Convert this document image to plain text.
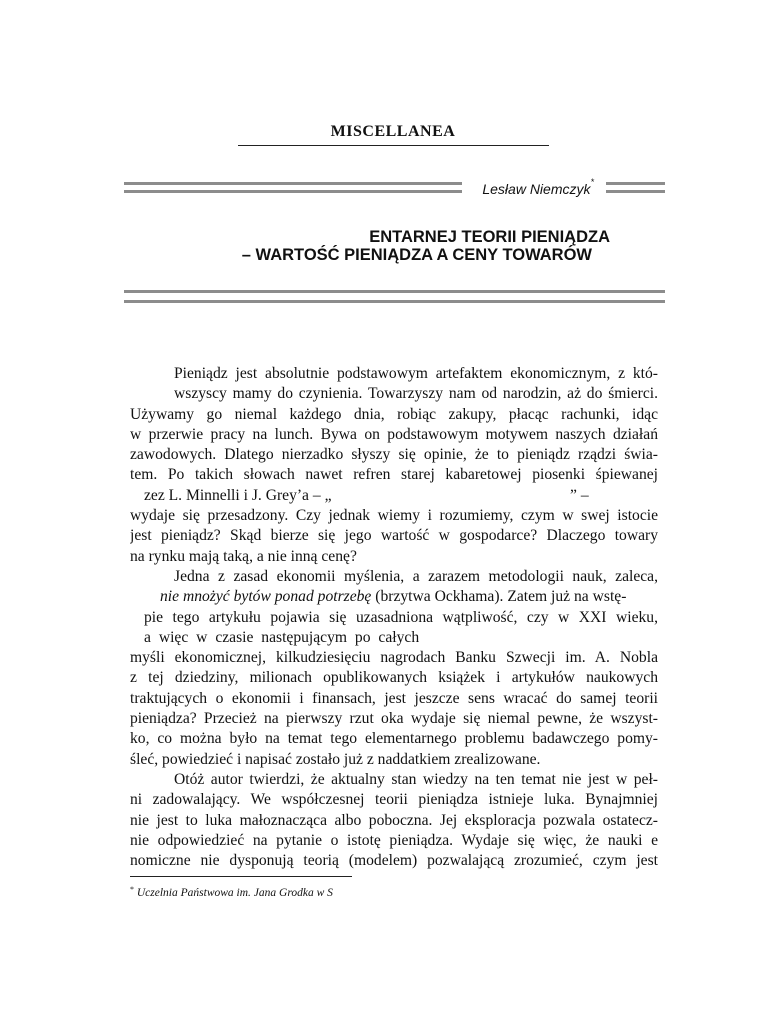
MISCELLANEA
Lesław Niemczyk*
ENTARNEJ TEORII PIENIĄDZA
– WARTOŚĆ PIENIĄDZA A CENY TOWARÓW
Pieniądz jest absolutnie podstawowym artefaktem ekonomicznym, z któ-
wszyscy mamy do czynienia. Towarzyszy nam od narodzin, aż do śmierci.
Używamy go niemal każdego dnia, robiąc zakupy, płacąc rachunki, idąc
w przerwie pracy na lunch. Bywa on podstawowym motywem naszych działań
zawodowych. Dlatego nierzadko słyszy się opinie, że to pieniądz rządzi świa-
tem. Po takich słowach nawet refren starej kabaretowej piosenki śpiewanej
zez L. Minnelli i J. Grey’a – „	” –
wydaje się przesadzony. Czy jednak wiemy i rozumiemy, czym w swej istocie
jest pieniądz? Skąd bierze się jego wartość w gospodarce? Dlaczego towary
na rynku mają taką, a nie inną cenę?
Jedna z zasad ekonomii myślenia, a zarazem metodologii nauk, zaleca,
nie mnożyć bytów ponad potrzebę (brzytwa Ockhama). Zatem już na wstę-
pie tego artykułu pojawia się uzasadniona wątpliwość, czy w XXI wieku,
a więc w czasie następującym po całych
myśli ekonomicznej, kilkudziesięciu nagrodach Banku Szwecji im. A. Nobla
z tej dziedziny, milionach opublikowanych książek i artykułów naukowych
traktujących o ekonomii i finansach, jest jeszcze sens wracać do samej teorii
pieniądza? Przecież na pierwszy rzut oka wydaje się niemal pewne, że wszyst-
ko, co można było na temat tego elementarnego problemu badawczego pomy-
śleć, powiedzieć i napisać zostało już z naddatkiem zrealizowane.
Otóż autor twierdzi, że aktualny stan wiedzy na ten temat nie jest w peł-
ni zadowalający. We współczesnej teorii pieniądza istnieje luka. Bynajmniej
nie jest to luka małoznacząca albo poboczna. Jej eksploracja pozwala ostatecz-
nie odpowiedzieć na pytanie o istotę pieniądza. Wydaje się więc, że nauki e
nomiczne nie dysponują teorią (modelem) pozwalającą zrozumieć, czym jest
* Uczelnia Państwowa im. Jana Grodka w S
